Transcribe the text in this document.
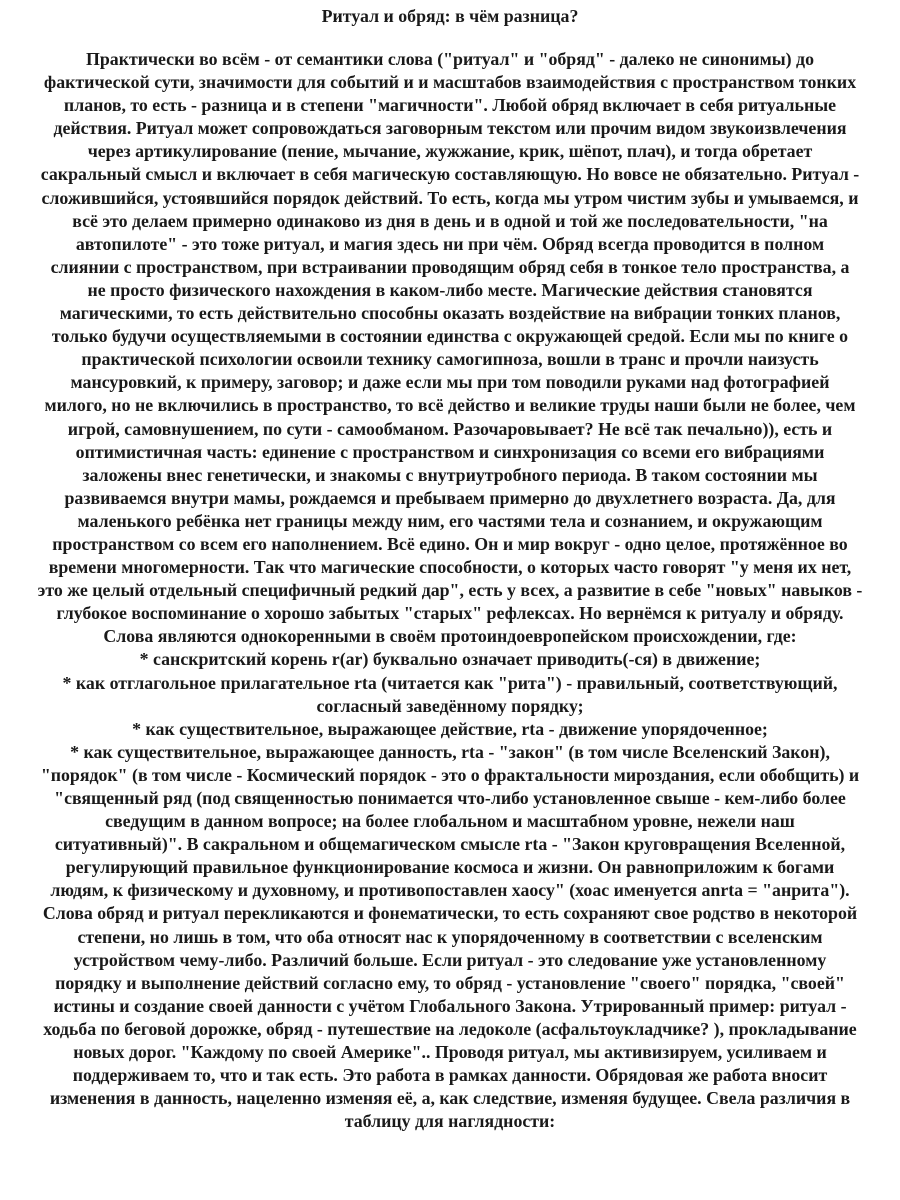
Ритуал и обряд: в чём разница?
Практически во всём - от семантики слова ("ритуал" и "обряд" - далеко не синонимы) до
фактической сути, значимости для событий и и масштабов взаимодействия с пространством тонких
планов, то есть - разница и в степени "магичности". Любой обряд включает в себя ритуальные
действия. Ритуал может сопровождаться заговорным текстом или прочим видом звукоизвлечения
через артикулирование (пение, мычание, жужжание, крик, шёпот, плач), и тогда обретает
сакральный смысл и включает в себя магическую составляющую. Но вовсе не обязательно. Ритуал -
сложившийся, устоявшийся порядок действий. То есть, когда мы утром чистим зубы и умываемся, и
всё это делаем примерно одинаково из дня в день и в одной и той же последовательности, "на
автопилоте" - это тоже ритуал, и магия здесь ни при чём. Обряд всегда проводится в полном
слиянии с пространством, при встраивании проводящим обряд себя в тонкое тело пространства, а
не просто физического нахождения в каком-либо месте. Магические действия становятся
магическими, то есть действительно способны оказать воздействие на вибрации тонких планов,
только будучи осуществляемыми в состоянии единства с окружающей средой. Если мы по книге о
практической психологии освоили технику самогипноза, вошли в транс и прочли наизусть
мансуровкий, к примеру, заговор; и даже если мы при том поводили руками над фотографией
милого, но не включились в пространство, то всё действо и великие труды наши были не более, чем
игрой, самовнушением, по сути - самообманом. Разочаровывает? Не всё так печально)), есть и
оптимистичная часть: единение с пространством и синхронизация со всеми его вибрациями
заложены внес генетически, и знакомы с внутриутробного периода. В таком состоянии мы
развиваемся внутри мамы, рождаемся и пребываем примерно до двухлетнего возраста. Да, для
маленького ребёнка нет границы между ним, его частями тела и сознанием, и окружающим
пространством со всем его наполнением. Всё едино. Он и мир вокруг - одно целое, протяжённое во
времени многомерности. Так что магические способности, о которых часто говорят "у меня их нет,
это же целый отдельный специфичный редкий дар", есть у всех, а развитие в себе "новых" навыков -
глубокое воспоминание о хорошо забытых "старых" рефлексах. Но вернёмся к ритуалу и обряду.
Слова являются однокоренными в своём протоиндоевропейском происхождении, где:
* санскритский корень r(ar) буквально означает приводить(-ся) в движение;
* как отглагольное прилагательное rta (читается как "рита") - правильный, соответствующий,
согласный заведённому порядку;
* как существительное, выражающее действие, rta - движение упорядоченное;
* как существительное, выражающее данность, rta - "закон" (в том числе Вселенский Закон),
"порядок" (в том числе - Космический порядок - это о фрактальности мироздания, если обобщить) и
"священный ряд (под священностью понимается что-либо установленное свыше - кем-либо более
сведущим в данном вопросе; на более глобальном и масштабном уровне, нежели наш
ситуативный)". В сакральном и общемагическом смысле rta - "Закон круговращения Вселенной,
регулирующий правильное функционирование космоса и жизни. Он равноприложим к богами
людям, к физическому и духовному, и противопоставлен хаосу" (хоас именуется anrta = "анрита").
Слова обряд и ритуал перекликаются и фонематически, то есть сохраняют свое родство в некоторой
степени, но лишь в том, что оба относят нас к упорядоченному в соответствии с вселенским
устройством чему-либо. Различий больше. Если ритуал - это следование уже установленному
порядку и выполнение действий согласно ему, то обряд - установление "своего" порядка, "своей"
истины и создание своей данности с учётом Глобального Закона. Утрированный пример: ритуал -
ходьба по беговой дорожке, обряд - путешествие на ледоколе (асфальтоукладчике? ), прокладывание
новых дорог. "Каждому по своей Америке".. Проводя ритуал, мы активизируем, усиливаем и
поддерживаем то, что и так есть. Это работа в рамках данности. Обрядовая же работа вносит
изменения в данность, нацеленно изменяя её, а, как следствие, изменяя будущее. Свела различия в
таблицу для наглядности:
